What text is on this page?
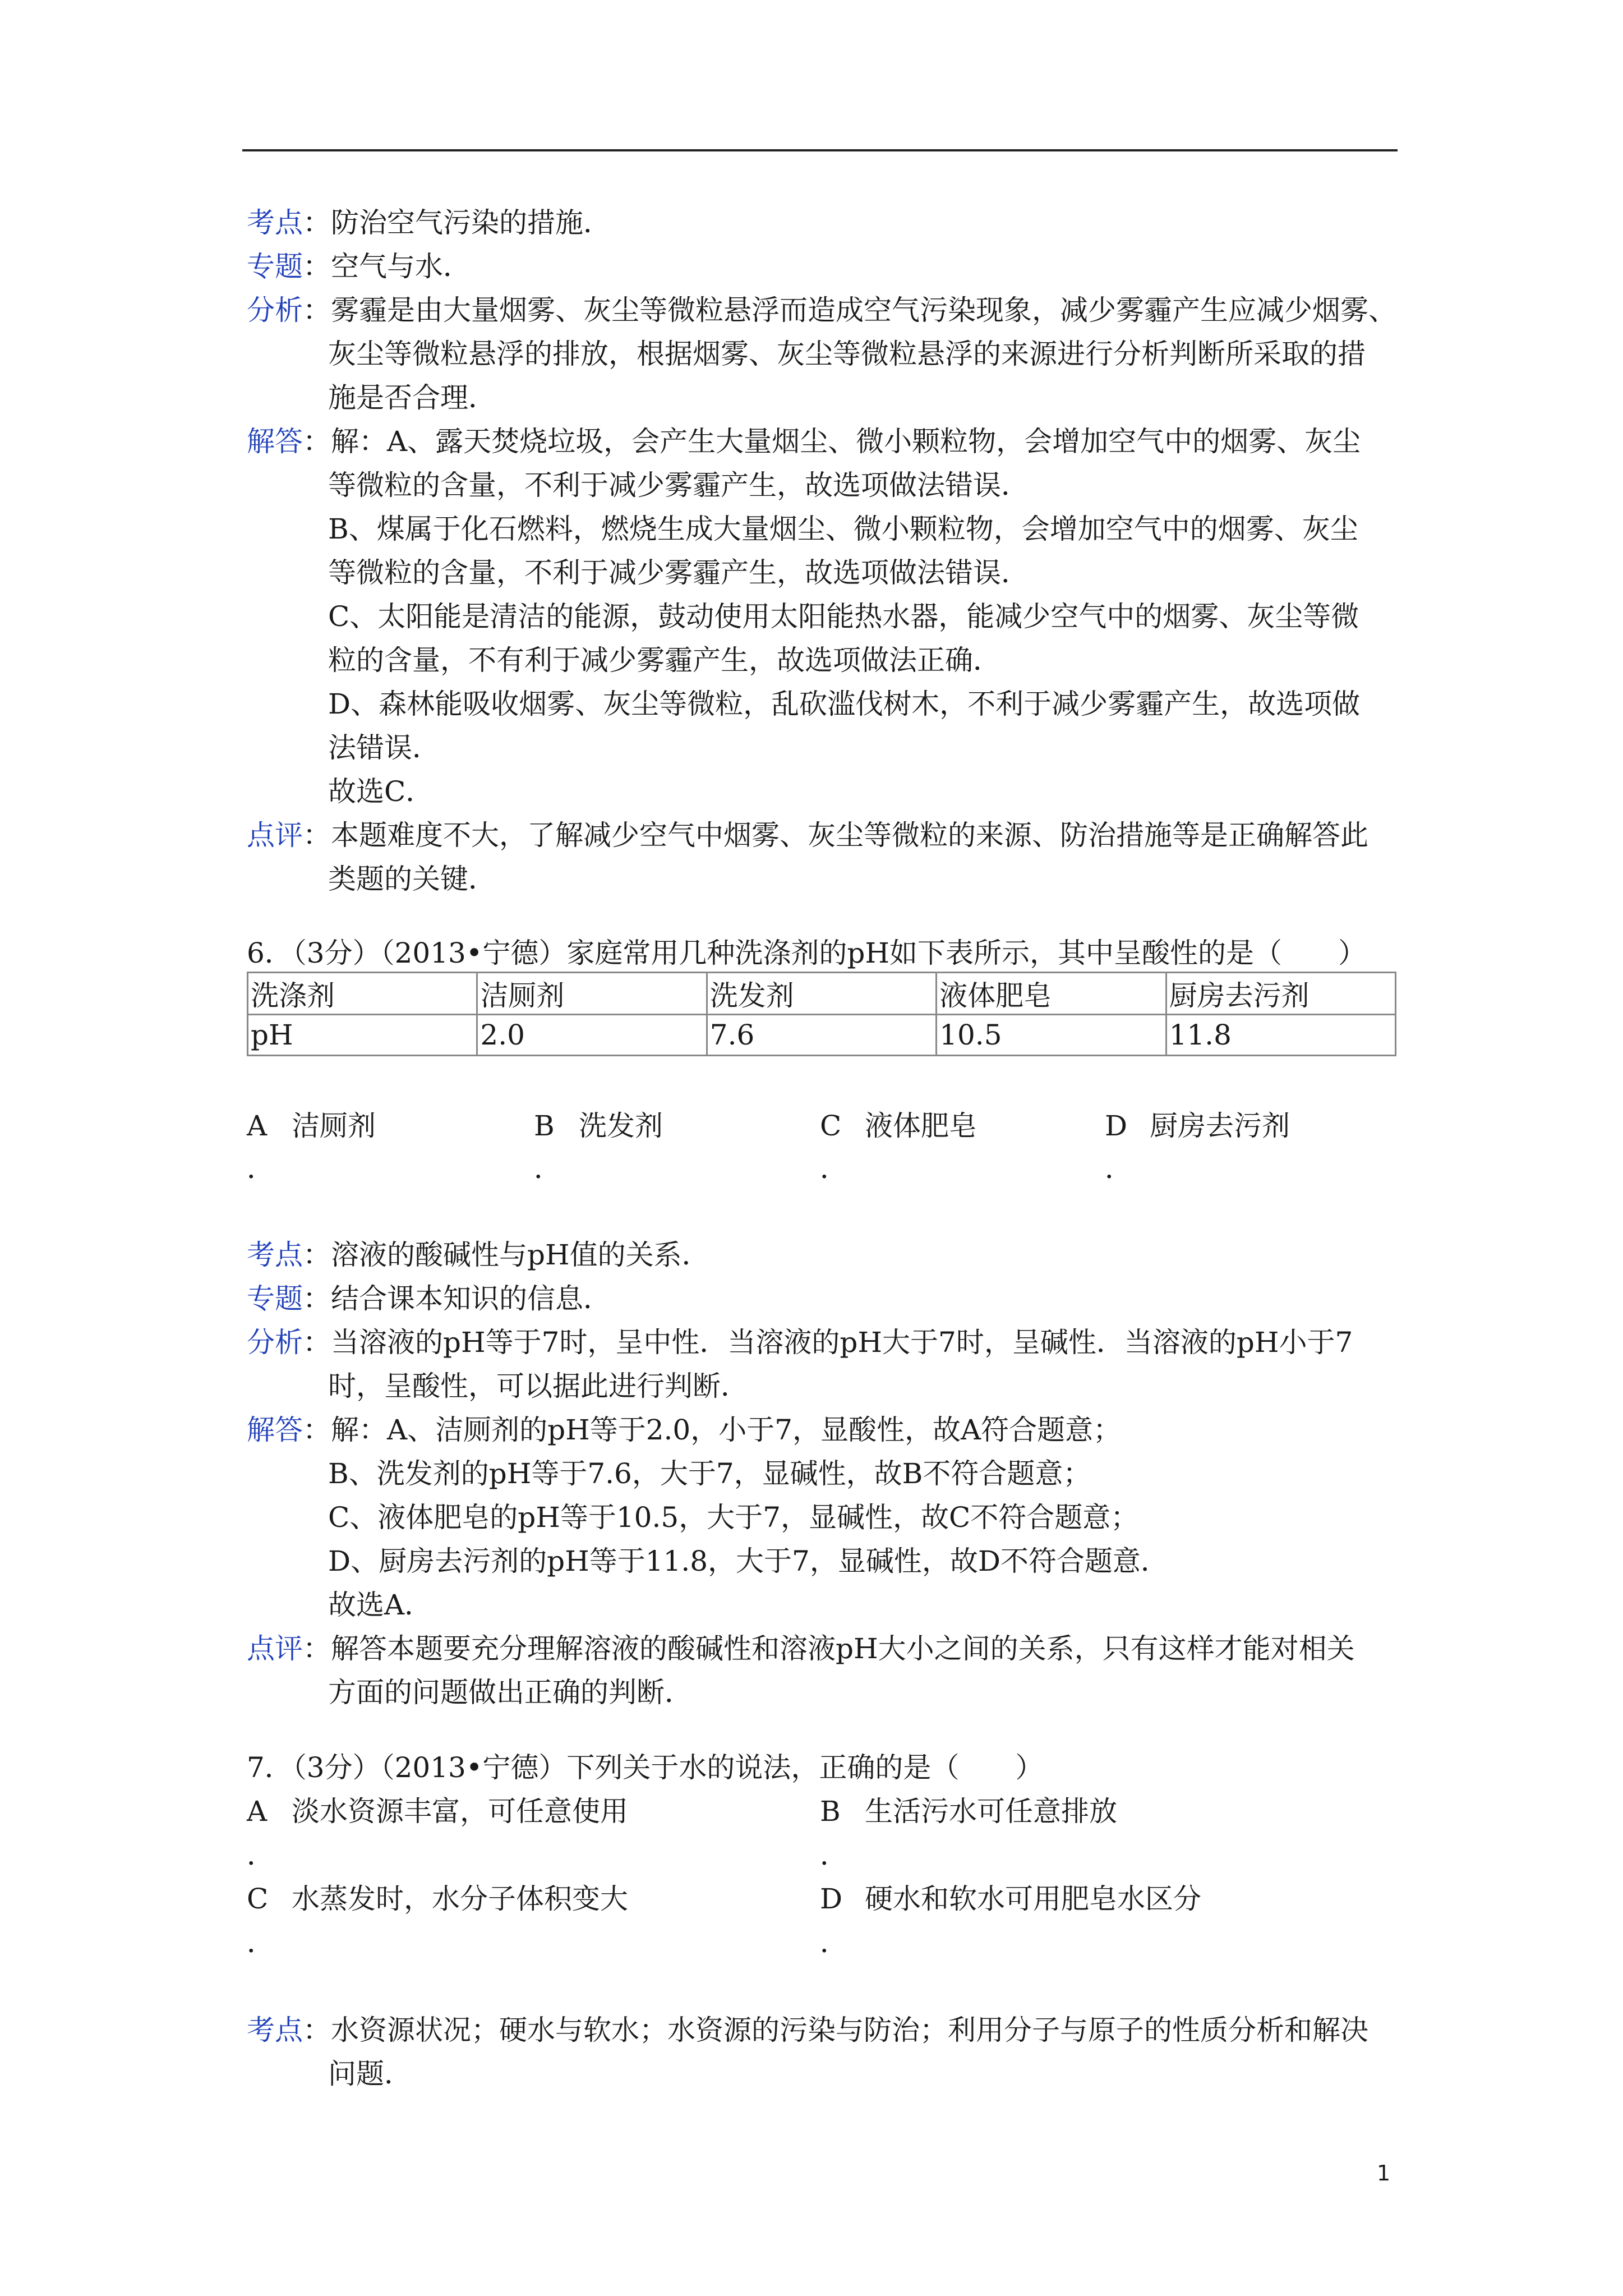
考点：防治空气污染的措施．
专题：空气与水．
分析：雾霾是由大量烟雾、灰尘等微粒悬浮而造成空气污染现象，减少雾霾产生应减少烟雾、
灰尘等微粒悬浮的排放，根据烟雾、灰尘等微粒悬浮的来源进行分析判断所采取的措
施是否合理．
解答：解：A、露天焚烧垃圾，会产生大量烟尘、微小颗粒物，会增加空气中的烟雾、灰尘
等微粒的含量，不利于减少雾霾产生，故选项做法错误．
B、煤属于化石燃料，燃烧生成大量烟尘、微小颗粒物，会增加空气中的烟雾、灰尘
等微粒的含量，不利于减少雾霾产生，故选项做法错误．
C、太阳能是清洁的能源，鼓动使用太阳能热水器，能减少空气中的烟雾、灰尘等微
粒的含量，不有利于减少雾霾产生，故选项做法正确．
D、森林能吸收烟雾、灰尘等微粒，乱砍滥伐树木，不利于减少雾霾产生，故选项做
法错误．
故选C．
点评：本题难度不大，了解减少空气中烟雾、灰尘等微粒的来源、防治措施等是正确解答此
类题的关键．
6．（3分）（2013•宁德）家庭常用几种洗涤剂的pH如下表所示，其中呈酸性的是（　　）
洗涤剂	洁厕剂	洗发剂	液体肥皂	厨房去污剂
pH	2.0	7.6	10.5	11.8
A 洁厕剂	B 洗发剂	C 液体肥皂	D 厨房去污剂
．	．	．	．
考点：溶液的酸碱性与pH值的关系．
专题：结合课本知识的信息．
分析：当溶液的pH等于7时，呈中性．当溶液的pH大于7时，呈碱性．当溶液的pH小于7
时，呈酸性，可以据此进行判断．
解答：解：A、洁厕剂的pH等于2.0，小于7，显酸性，故A符合题意；
B、洗发剂的pH等于7.6，大于7，显碱性，故B不符合题意；
C、液体肥皂的pH等于10.5，大于7，显碱性，故C不符合题意；
D、厨房去污剂的pH等于11.8，大于7，显碱性，故D不符合题意．
故选A．
点评：解答本题要充分理解溶液的酸碱性和溶液pH大小之间的关系，只有这样才能对相关
方面的问题做出正确的判断．
7．（3分）（2013•宁德）下列关于水的说法，正确的是（　　）
A 淡水资源丰富，可任意使用	B 生活污水可任意排放
．	．
C 水蒸发时，水分子体积变大	D 硬水和软水可用肥皂水区分
．	．
考点：水资源状况；硬水与软水；水资源的污染与防治；利用分子与原子的性质分析和解决
问题．
1
